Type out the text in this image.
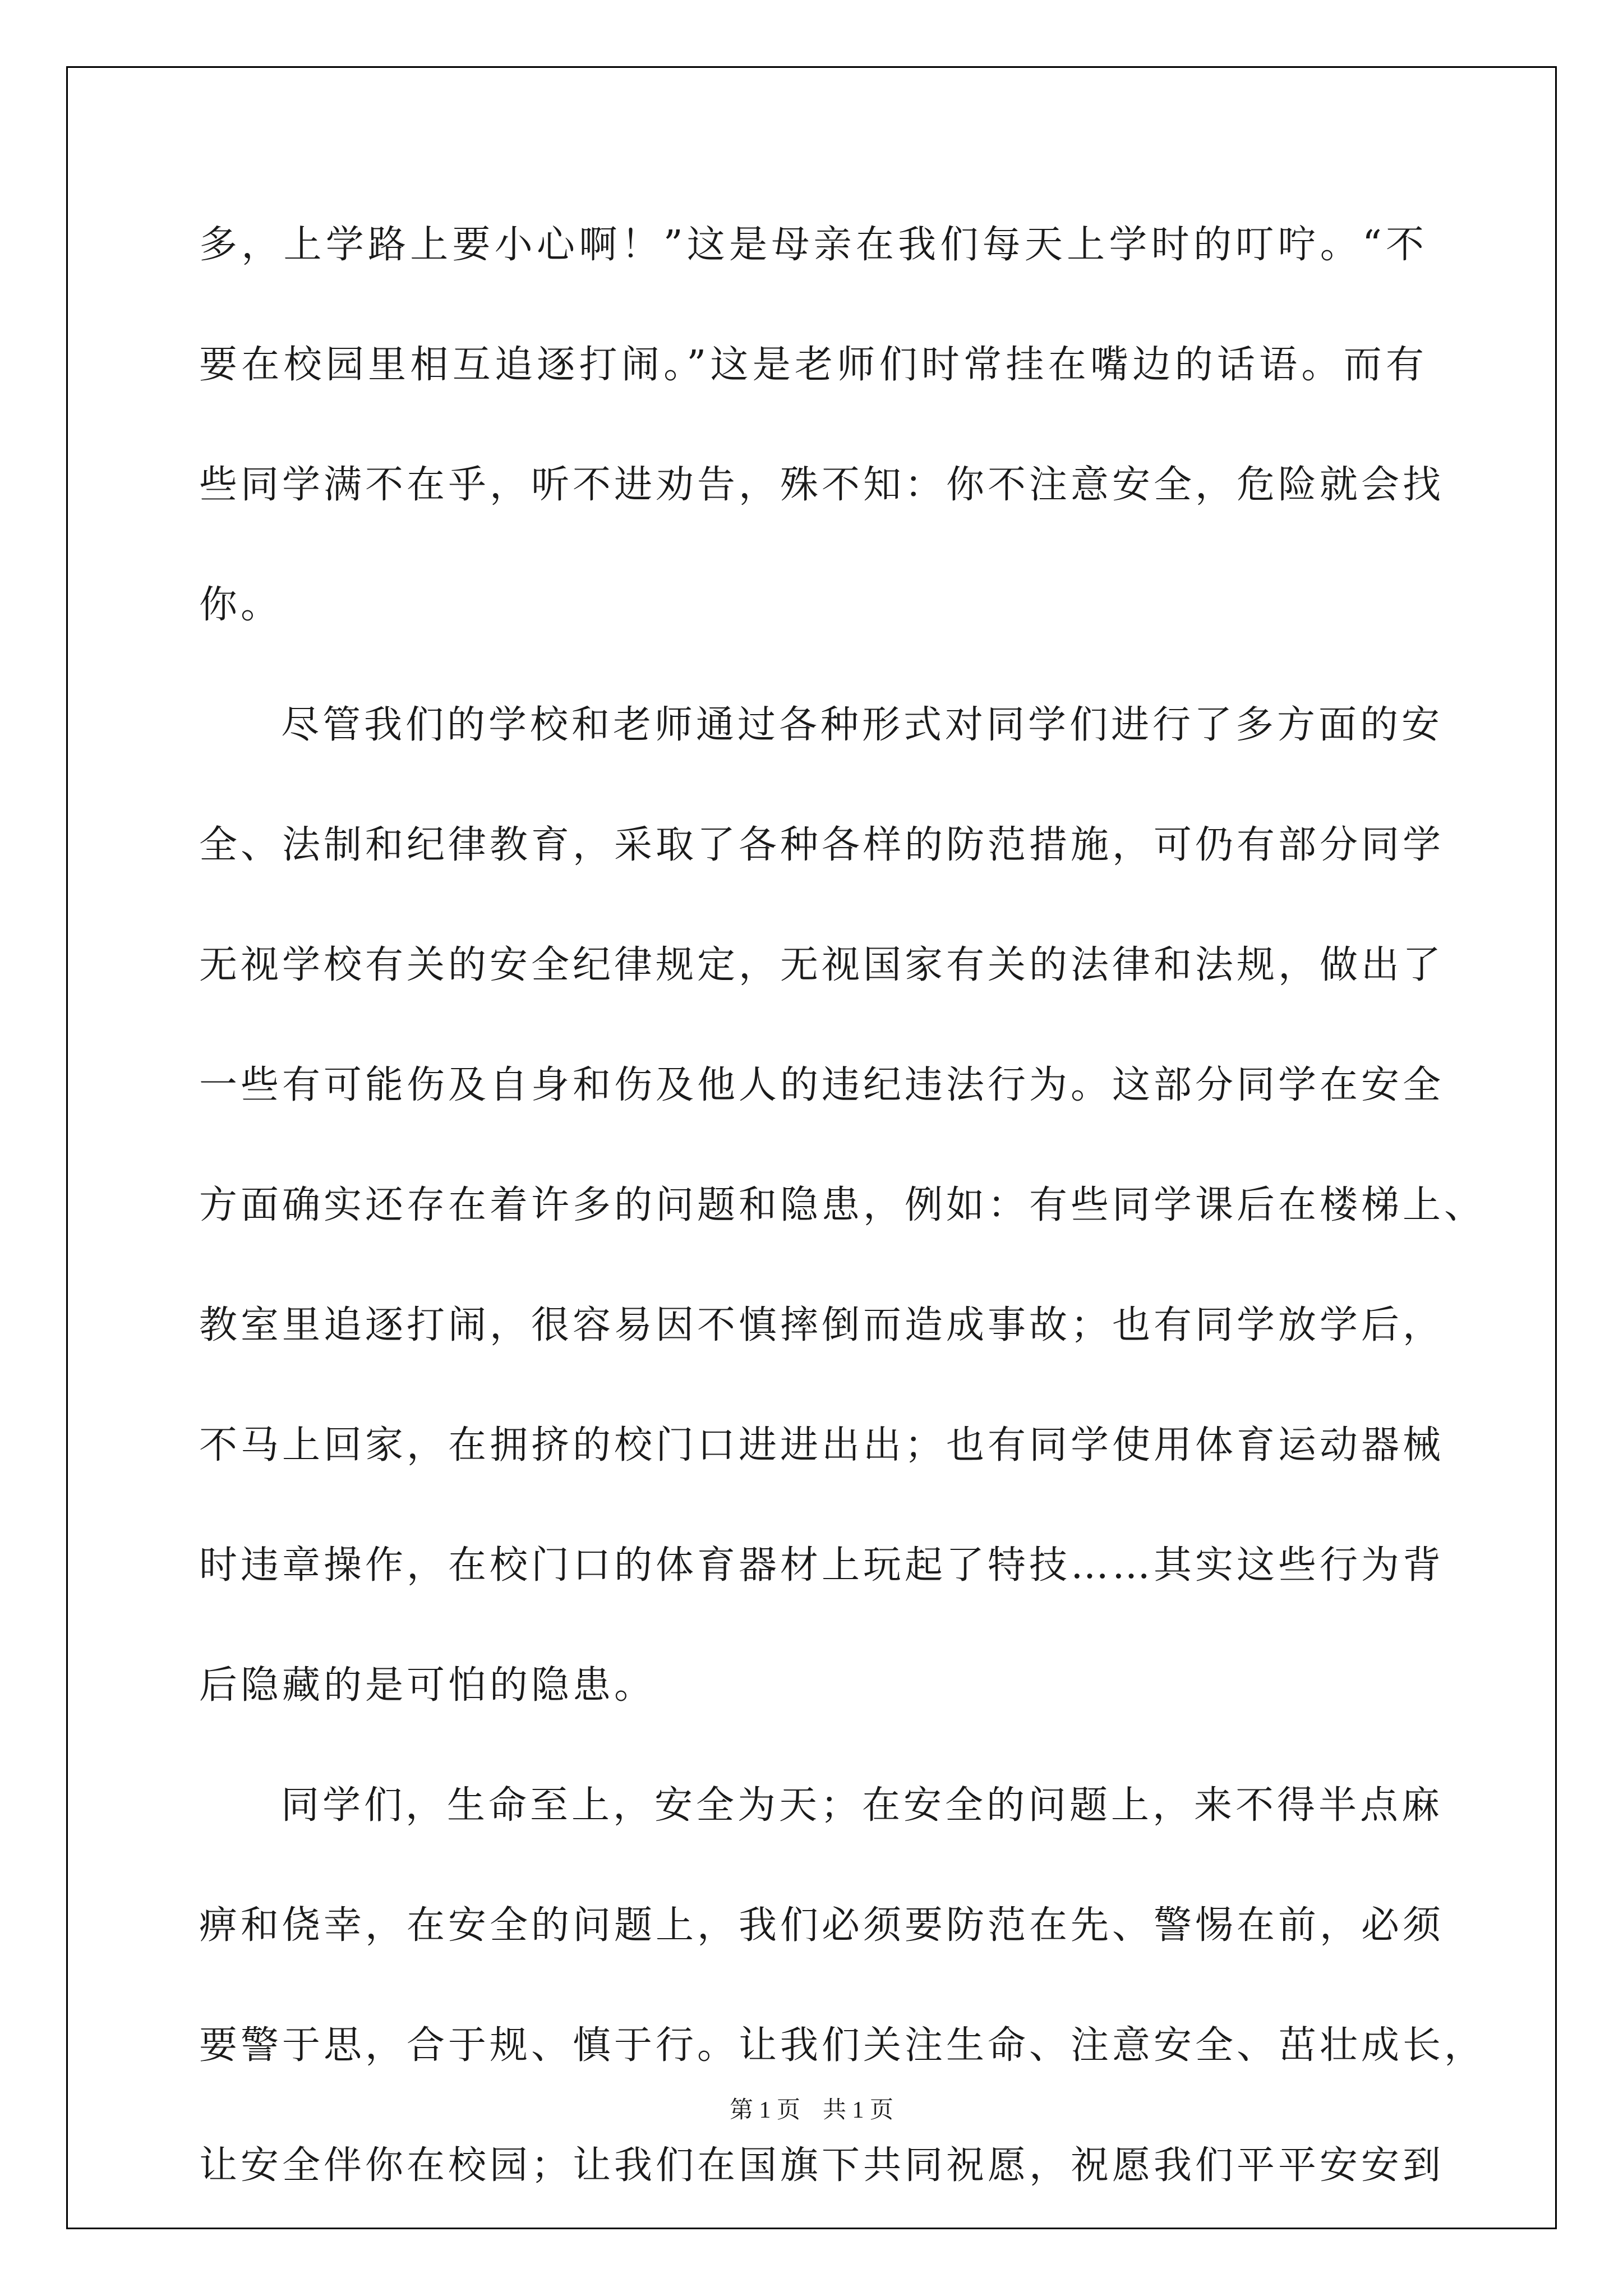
多，上学路上要小心啊！”这是母亲在我们每天上学时的叮咛。“不
要在校园里相互追逐打闹。”这是老师们时常挂在嘴边的话语。而有
些同学满不在乎，听不进劝告，殊不知：你不注意安全，危险就会找
你。
尽管我们的学校和老师通过各种形式对同学们进行了多方面的安
全、法制和纪律教育，采取了各种各样的防范措施，可仍有部分同学
无视学校有关的安全纪律规定，无视国家有关的法律和法规，做出了
一些有可能伤及自身和伤及他人的违纪违法行为。这部分同学在安全
方面确实还存在着许多的问题和隐患，例如：有些同学课后在楼梯上、
教室里追逐打闹，很容易因不慎摔倒而造成事故；也有同学放学后，
不马上回家，在拥挤的校门口进进出出；也有同学使用体育运动器械
时违章操作，在校门口的体育器材上玩起了特技……其实这些行为背
后隐藏的是可怕的隐患。
同学们，生命至上，安全为天；在安全的问题上，来不得半点麻
痹和侥幸，在安全的问题上，我们必须要防范在先、警惕在前，必须
要警于思，合于规、慎于行。让我们关注生命、注意安全、茁壮成长，
让安全伴你在校园；让我们在国旗下共同祝愿，祝愿我们平平安安到
第 1 页 共 1 页
